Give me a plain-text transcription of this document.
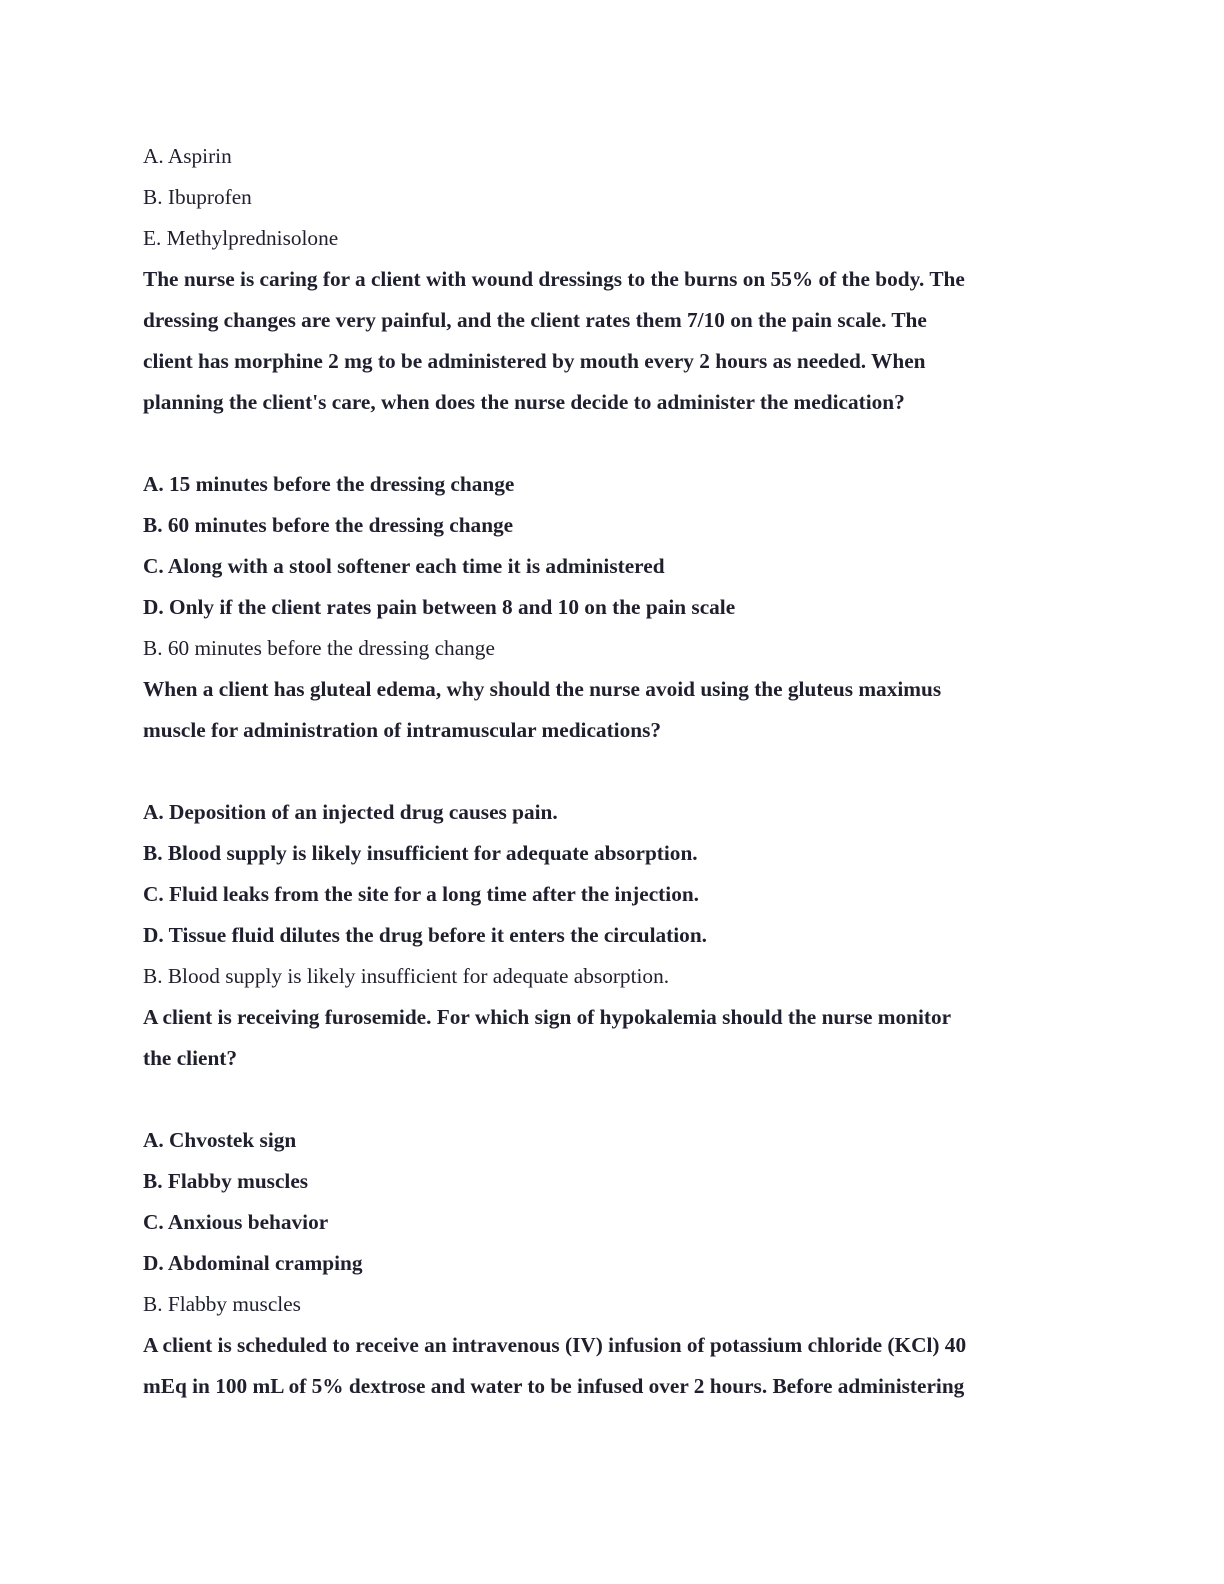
A. Aspirin

B. Ibuprofen

E. Methylprednisolone

The nurse is caring for a client with wound dressings to the burns on 55% of the body. The

dressing changes are very painful, and the client rates them 7/10 on the pain scale. The

client has morphine 2 mg to be administered by mouth every 2 hours as needed. When

planning the client's care, when does the nurse decide to administer the medication?

A. 15 minutes before the dressing change

B. 60 minutes before the dressing change

C. Along with a stool softener each time it is administered

D. Only if the client rates pain between 8 and 10 on the pain scale

B. 60 minutes before the dressing change

When a client has gluteal edema, why should the nurse avoid using the gluteus maximus

muscle for administration of intramuscular medications?

A. Deposition of an injected drug causes pain.

B. Blood supply is likely insufficient for adequate absorption.

C. Fluid leaks from the site for a long time after the injection.

D. Tissue fluid dilutes the drug before it enters the circulation.

B. Blood supply is likely insufficient for adequate absorption.

A client is receiving furosemide. For which sign of hypokalemia should the nurse monitor

the client?

A. Chvostek sign

B. Flabby muscles

C. Anxious behavior

D. Abdominal cramping

B. Flabby muscles

A client is scheduled to receive an intravenous (IV) infusion of potassium chloride (KCl) 40

mEq in 100 mL of 5% dextrose and water to be infused over 2 hours. Before administering
